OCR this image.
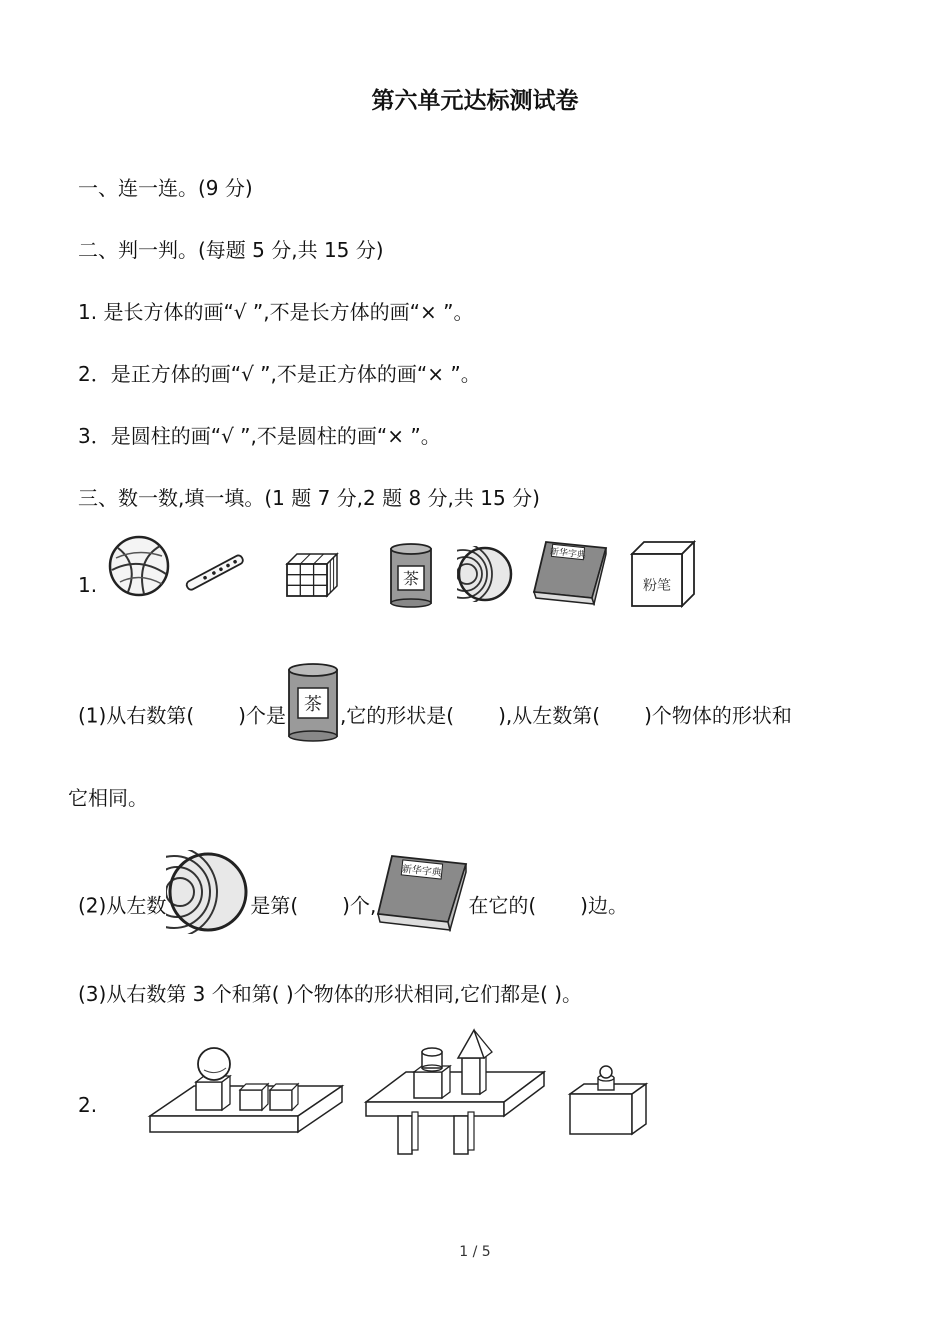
第六单元达标测试卷
一、连一连。(9 分)
二、判一判。(每题 5 分,共 15 分)
1. 是长方体的画“√ ”,不是长方体的画“× ”。
2．是正方体的画“√ ”,不是正方体的画“× ”。
3．是圆柱的画“√ ”,不是圆柱的画“× ”。
三、数一数,填一填。(1 题 7 分,2 题 8 分,共 15 分)
1.	茶
新华字典
粉笔
(1)从右数第( )个是 茶 ,它的形状是( ),从左数第( )个物体的形状和
它相同。
(2)从左数	是第( )个,
新华字典
在它的( )边。
(3)从右数第 3 个和第( )个物体的形状相同,它们都是( )。
2.
1 / 5
